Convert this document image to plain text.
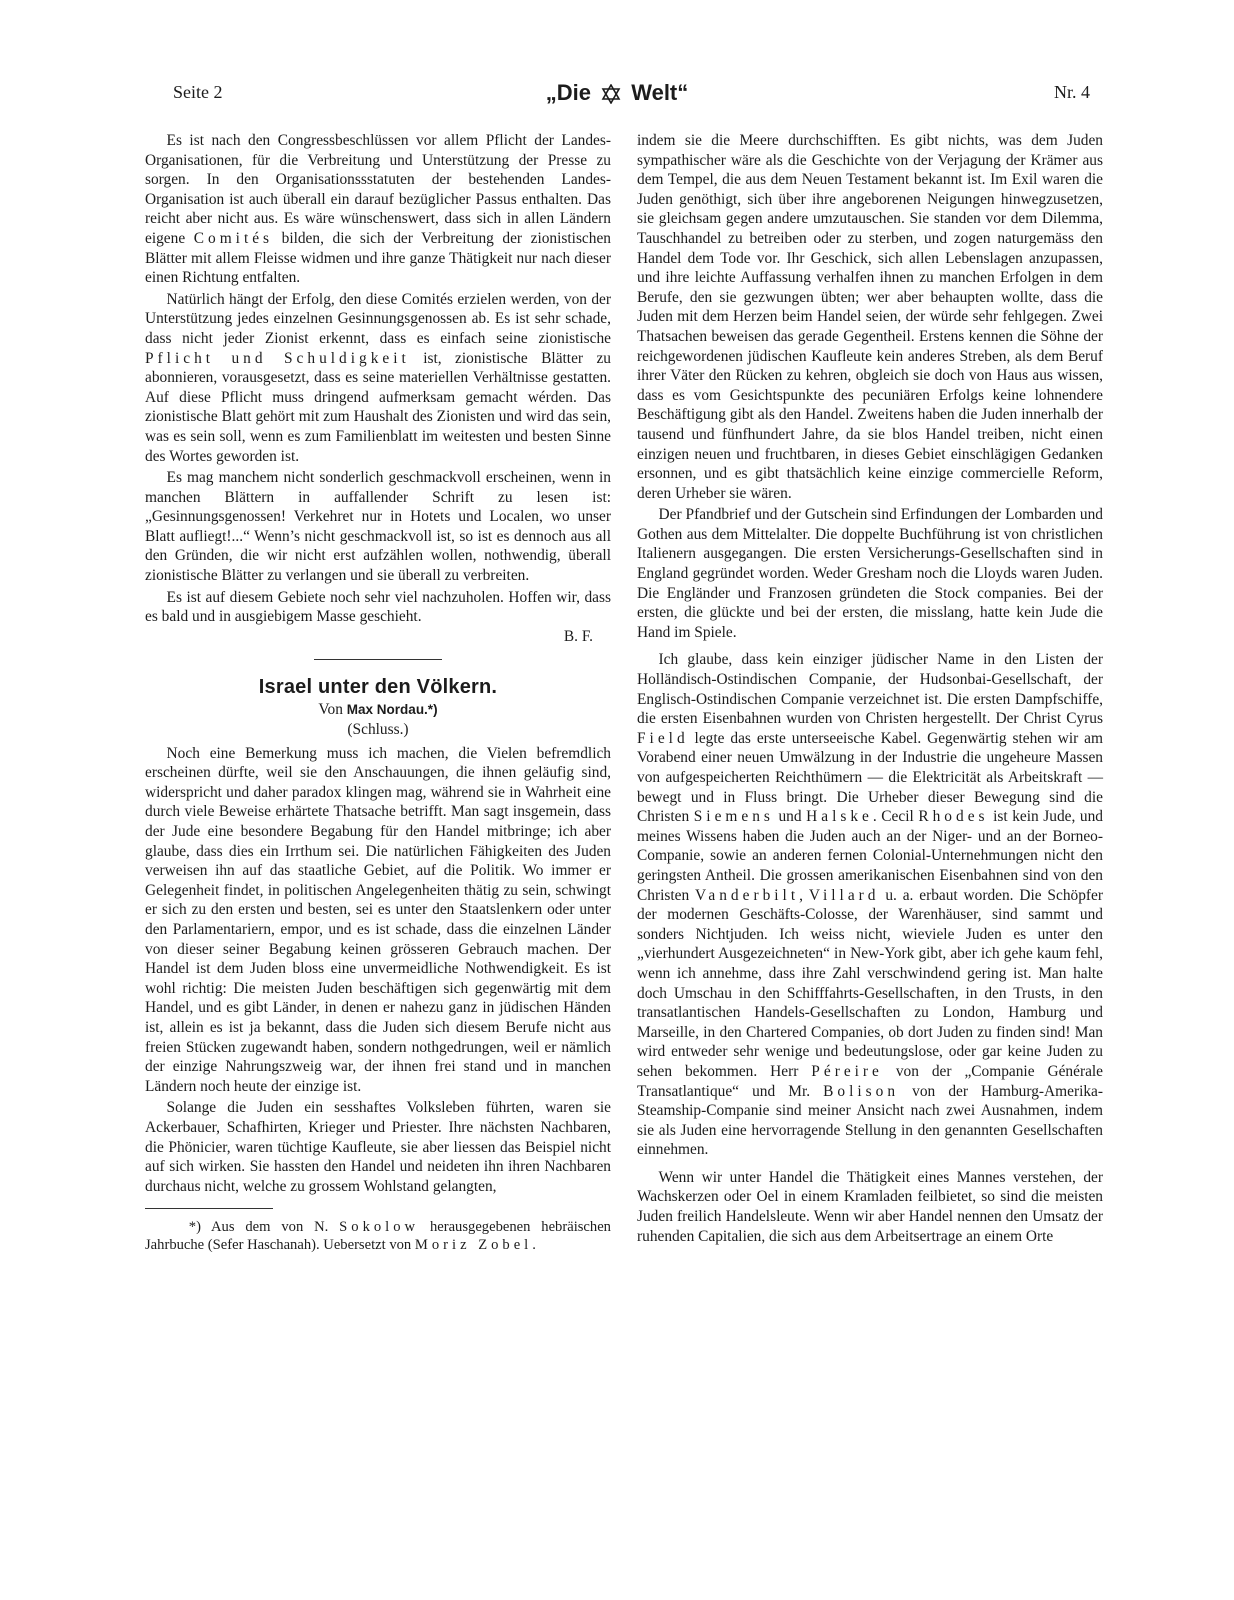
Seite 2	„Die Welt“	Nr. 4

Es ist nach den Congressbeschlüssen vor allem Pflicht der Landes-Organisationen, für die Verbreitung und Unterstützung der Presse zu sorgen. In den Organisationssstatuten der bestehenden Landes-Organisation ist auch überall ein darauf bezüglicher Passus enthalten. Das reicht aber nicht aus. Es wäre wünschenswert, dass sich in allen Ländern eigene Comités bilden, die sich der Verbreitung der zionistischen Blätter mit allem Fleisse widmen und ihre ganze Thätigkeit nur nach dieser einen Richtung entfalten.

Natürlich hängt der Erfolg, den diese Comités erzielen werden, von der Unterstützung jedes einzelnen Gesinnungsgenossen ab. Es ist sehr schade, dass nicht jeder Zionist erkennt, dass es einfach seine zionistische Pflicht und Schuldigkeit ist, zionistische Blätter zu abonnieren, vorausgesetzt, dass es seine materiellen Verhältnisse gestatten. Auf diese Pflicht muss dringend aufmerksam gemacht wérden. Das zionistische Blatt gehört mit zum Haushalt des Zionisten und wird das sein, was es sein soll, wenn es zum Familienblatt im weitesten und besten Sinne des Wortes geworden ist.

Es mag manchem nicht sonderlich geschmackvoll erscheinen, wenn in manchen Blättern in auffallender Schrift zu lesen ist: „Gesinnungsgenossen! Verkehret nur in Hotets und Localen, wo unser Blatt aufliegt!...“ Wenn’s nicht geschmackvoll ist, so ist es dennoch aus all den Gründen, die wir nicht erst aufzählen wollen, nothwendig, überall zionistische Blätter zu verlangen und sie überall zu verbreiten.

Es ist auf diesem Gebiete noch sehr viel nachzuholen. Hoffen wir, dass es bald und in ausgiebigem Masse geschieht.

B. F.

Israel unter den Völkern.
Von Max Nordau.*)
(Schluss.)

Noch eine Bemerkung muss ich machen, die Vielen befremdlich erscheinen dürfte, weil sie den Anschauungen, die ihnen geläufig sind, widerspricht und daher paradox klingen mag, während sie in Wahrheit eine durch viele Beweise erhärtete Thatsache betrifft. Man sagt insgemein, dass der Jude eine besondere Begabung für den Handel mitbringe; ich aber glaube, dass dies ein Irrthum sei. Die natürlichen Fähigkeiten des Juden verweisen ihn auf das staatliche Gebiet, auf die Politik. Wo immer er Gelegenheit findet, in politischen Angelegenheiten thätig zu sein, schwingt er sich zu den ersten und besten, sei es unter den Staatslenkern oder unter den Parlamentariern, empor, und es ist schade, dass die einzelnen Länder von dieser seiner Begabung keinen grösseren Gebrauch machen. Der Handel ist dem Juden bloss eine unvermeidliche Nothwendigkeit. Es ist wohl richtig: Die meisten Juden beschäftigen sich gegenwärtig mit dem Handel, und es gibt Länder, in denen er nahezu ganz in jüdischen Händen ist, allein es ist ja bekannt, dass die Juden sich diesem Berufe nicht aus freien Stücken zugewandt haben, sondern nothgedrungen, weil er nämlich der einzige Nahrungszweig war, der ihnen frei stand und in manchen Ländern noch heute der einzige ist.

Solange die Juden ein sesshaftes Volksleben führten, waren sie Ackerbauer, Schafhirten, Krieger und Priester. Ihre nächsten Nachbaren, die Phönicier, waren tüchtige Kaufleute, sie aber liessen das Beispiel nicht auf sich wirken. Sie hassten den Handel und neideten ihn ihren Nachbaren durchaus nicht, welche zu grossem Wohlstand gelangten,

*) Aus dem von N. Sokolow herausgegebenen hebräischen Jahrbuche (Sefer Haschanah). Uebersetzt von Moriz Zobel.

indem sie die Meere durchschifften. Es gibt nichts, was dem Juden sympathischer wäre als die Geschichte von der Verjagung der Krämer aus dem Tempel, die aus dem Neuen Testament bekannt ist. Im Exil waren die Juden genöthigt, sich über ihre angeborenen Neigungen hinwegzusetzen, sie gleichsam gegen andere umzutauschen. Sie standen vor dem Dilemma, Tauschhandel zu betreiben oder zu sterben, und zogen naturgemäss den Handel dem Tode vor. Ihr Geschick, sich allen Lebenslagen anzupassen, und ihre leichte Auffassung verhalfen ihnen zu manchen Erfolgen in dem Berufe, den sie gezwungen übten; wer aber behaupten wollte, dass die Juden mit dem Herzen beim Handel seien, der würde sehr fehlgegen. Zwei Thatsachen beweisen das gerade Gegentheil. Erstens kennen die Söhne der reichgewordenen jüdischen Kaufleute kein anderes Streben, als dem Beruf ihrer Väter den Rücken zu kehren, obgleich sie doch von Haus aus wissen, dass es vom Gesichtspunkte des pecuniären Erfolgs keine lohnendere Beschäftigung gibt als den Handel. Zweitens haben die Juden innerhalb der tausend und fünfhundert Jahre, da sie blos Handel treiben, nicht einen einzigen neuen und fruchtbaren, in dieses Gebiet einschlägigen Gedanken ersonnen, und es gibt thatsächlich keine einzige commercielle Reform, deren Urheber sie wären.

Der Pfandbrief und der Gutschein sind Erfindungen der Lombarden und Gothen aus dem Mittelalter. Die doppelte Buchführung ist von christlichen Italienern ausgegangen. Die ersten Versicherungs-Gesellschaften sind in England gegründet worden. Weder Gresham noch die Lloyds waren Juden. Die Engländer und Franzosen gründeten die Stock companies. Bei der ersten, die glückte und bei der ersten, die misslang, hatte kein Jude die Hand im Spiele.

Ich glaube, dass kein einziger jüdischer Name in den Listen der Holländisch-Ostindischen Companie, der Hudsonbai-Gesellschaft, der Englisch-Ostindischen Companie verzeichnet ist. Die ersten Dampfschiffe, die ersten Eisenbahnen wurden von Christen hergestellt. Der Christ Cyrus Field legte das erste unterseeische Kabel. Gegenwärtig stehen wir am Vorabend einer neuen Umwälzung in der Industrie die ungeheure Massen von aufgespeicherten Reichthümern — die Elektricität als Arbeitskraft — bewegt und in Fluss bringt. Die Urheber dieser Bewegung sind die Christen Siemens und Halske. Cecil Rhodes ist kein Jude, und meines Wissens haben die Juden auch an der Niger- und an der Borneo-Companie, sowie an anderen fernen Colonial-Unternehmungen nicht den geringsten Antheil. Die grossen amerikanischen Eisenbahnen sind von den Christen Vanderbilt, Villard u. a. erbaut worden. Die Schöpfer der modernen Geschäfts-Colosse, der Warenhäuser, sind sammt und sonders Nichtjuden. Ich weiss nicht, wieviele Juden es unter den „vierhundert Ausgezeichneten“ in New-York gibt, aber ich gehe kaum fehl, wenn ich annehme, dass ihre Zahl verschwindend gering ist. Man halte doch Umschau in den Schifffahrts-Gesellschaften, in den Trusts, in den transatlantischen Handels-Gesellschaften zu London, Hamburg und Marseille, in den Chartered Companies, ob dort Juden zu finden sind! Man wird entweder sehr wenige und bedeutungslose, oder gar keine Juden zu sehen bekommen. Herr Péreire von der „Companie Générale Transatlantique“ und Mr. Bolison von der Hamburg-Amerika-Steamship-Companie sind meiner Ansicht nach zwei Ausnahmen, indem sie als Juden eine hervorragende Stellung in den genannten Gesellschaften einnehmen.

Wenn wir unter Handel die Thätigkeit eines Mannes verstehen, der Wachskerzen oder Oel in einem Kramladen feilbietet, so sind die meisten Juden freilich Handelsleute. Wenn wir aber Handel nennen den Umsatz der ruhenden Capitalien, die sich aus dem Arbeitsertrage an einem Orte
